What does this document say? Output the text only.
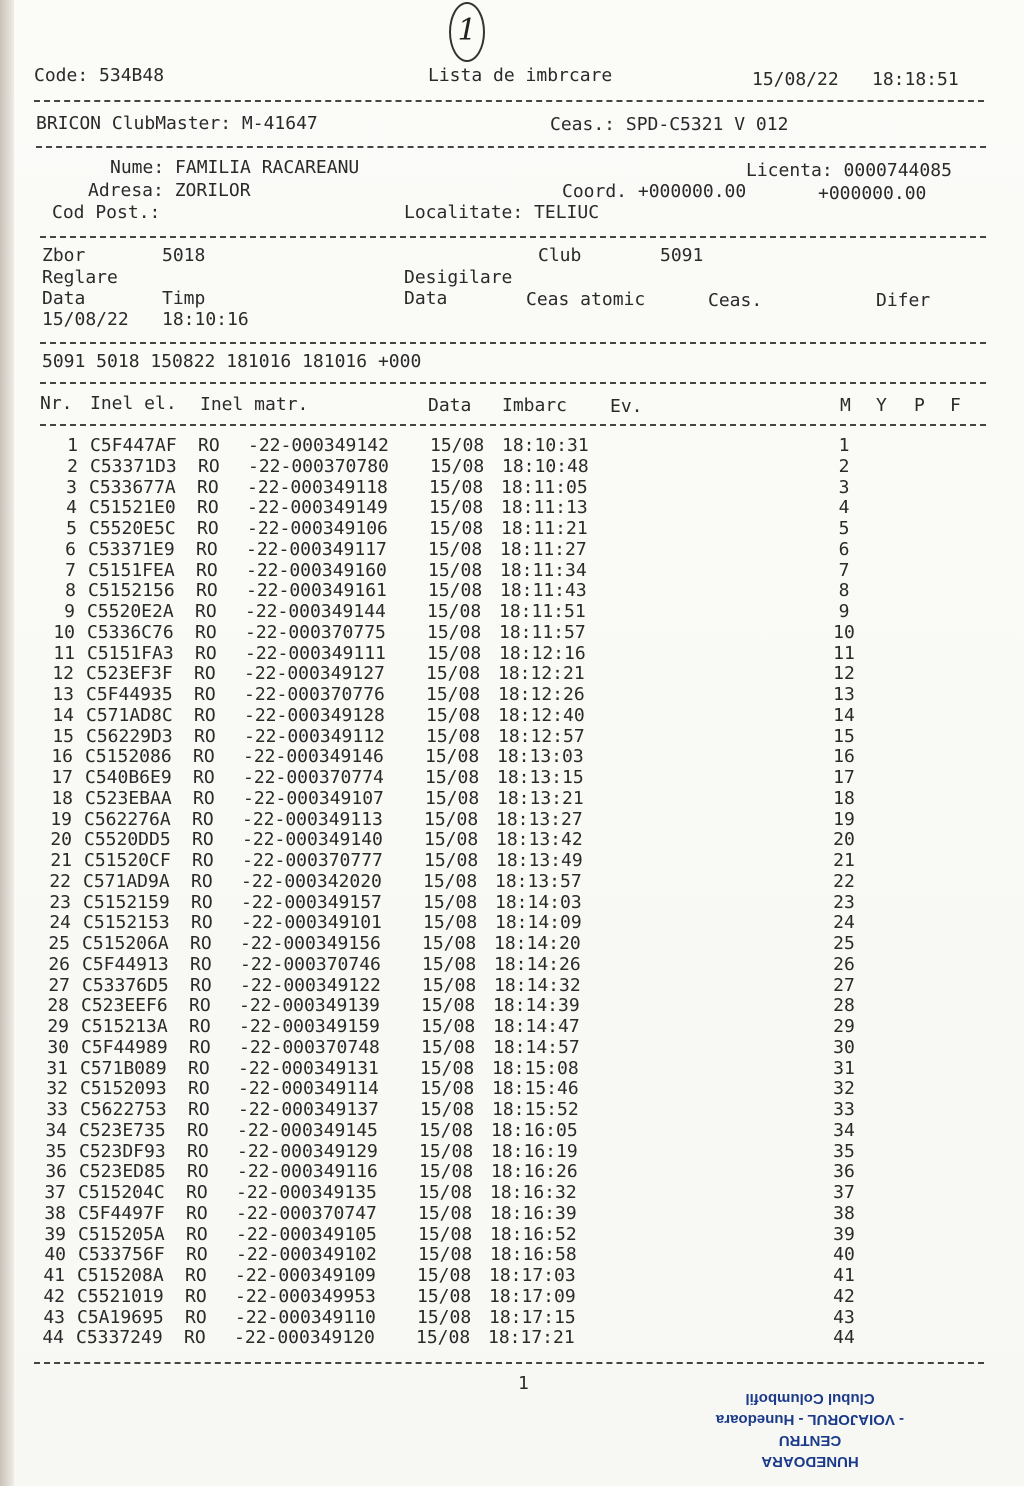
1
Code: 534B48	Lista de imbrcare	15/08/22 18:18:51
BRICON ClubMaster: M-41647	Ceas.: SPD-C5321 V 012
Nume: FAMILIA RACAREANU	Licenta: 0000744085
Adresa: ZORILOR	Coord. +000000.00	+000000.00
Cod Post.:	Localitate: TELIUC
Zbor	5018	Club	5091
Reglare	Desigilare
Data	Timp	Data	Ceas atomic	Ceas.	Difer
15/08/22 18:10:16
5091 5018 150822 181016 181016 +000
Nr. Inel el. Inel matr.	Data Imbarc Ev.	M Y P F
1 C5F447AF RO -22-000349142 15/08 18:10:31	1
2 C53371D3 RO -22-000370780 15/08 18:10:48	2
3 C533677A RO -22-000349118 15/08 18:11:05	3
4 C51521E0 RO -22-000349149 15/08 18:11:13	4
5 C5520E5C RO -22-000349106 15/08 18:11:21	5
6 C53371E9 RO -22-000349117 15/08 18:11:27	6
7 C5151FEA RO -22-000349160 15/08 18:11:34	7
8 C5152156 RO -22-000349161 15/08 18:11:43	8
9 C5520E2A RO -22-000349144 15/08 18:11:51	9
10 C5336C76 RO -22-000370775 15/08 18:11:57	10
11 C5151FA3 RO -22-000349111 15/08 18:12:16	11
12 C523EF3F RO -22-000349127 15/08 18:12:21	12
13 C5F44935 RO -22-000370776 15/08 18:12:26	13
14 C571AD8C RO -22-000349128 15/08 18:12:40	14
15 C56229D3 RO -22-000349112 15/08 18:12:57	15
16 C5152086 RO -22-000349146 15/08 18:13:03	16
17 C540B6E9 RO -22-000370774 15/08 18:13:15	17
18 C523EBAA RO -22-000349107 15/08 18:13:21	18
19 C562276A RO -22-000349113 15/08 18:13:27	19
20 C5520DD5 RO -22-000349140 15/08 18:13:42	20
21 C51520CF RO -22-000370777 15/08 18:13:49	21
22 C571AD9A RO -22-000342020 15/08 18:13:57	22
23 C5152159 RO -22-000349157 15/08 18:14:03	23
24 C5152153 RO -22-000349101 15/08 18:14:09	24
25 C515206A RO -22-000349156 15/08 18:14:20	25
26 C5F44913 RO -22-000370746 15/08 18:14:26	26
27 C53376D5 RO -22-000349122 15/08 18:14:32	27
28 C523EEF6 RO -22-000349139 15/08 18:14:39	28
29 C515213A RO -22-000349159 15/08 18:14:47	29
30 C5F44989 RO -22-000370748 15/08 18:14:57	30
31 C571B089 RO -22-000349131 15/08 18:15:08	31
32 C5152093 RO -22-000349114 15/08 18:15:46	32
33 C5622753 RO -22-000349137 15/08 18:15:52	33
34 C523E735 RO -22-000349145 15/08 18:16:05	34
35 C523DF93 RO -22-000349129 15/08 18:16:19	35
36 C523ED85 RO -22-000349116 15/08 18:16:26	36
37 C515204C RO -22-000349135 15/08 18:16:32	37
38 C5F4497F RO -22-000370747 15/08 18:16:39	38
39 C515205A RO -22-000349105 15/08 18:16:52	39
40 C533756F RO -22-000349102 15/08 18:16:58	40
41 C515208A RO -22-000349109 15/08 18:17:03	41
42 C5521019 RO -22-000349953 15/08 18:17:09	42
43 C5A19695 RO -22-000349110 15/08 18:17:15	43
44 C5337249 RO -22-000349120 15/08 18:17:21	44
1
HUNEDOARA
CENTRU
- VOIAJORUL - Hunedoara
Clubul Columbofil
